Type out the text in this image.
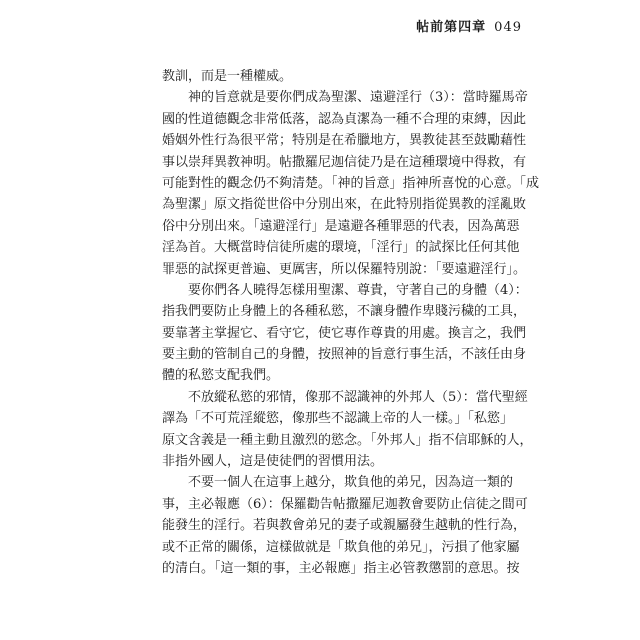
帖前第四章 049
教訓，而是一種權威。
神的旨意就是要你們成為聖潔、遠避淫行（3）：當時羅馬帝
國的性道德觀念非常低落，認為貞潔為一種不合理的束縛，因此
婚姻外性行為很平常；特別是在希臘地方，異教徒甚至鼓勵藉性
事以崇拜異教神明。帖撒羅尼迦信徒乃是在這種環境中得救，有
可能對性的觀念仍不夠清楚。「神的旨意」指神所喜悅的心意。「成
為聖潔」原文指從世俗中分別出來，在此特別指從異教的淫亂敗
俗中分別出來。「遠避淫行」是遠避各種罪惡的代表，因為萬惡
淫為首。大概當時信徒所處的環境，「淫行」的試探比任何其他
罪惡的試探更普遍、更厲害，所以保羅特別說：「要遠避淫行」。
要你們各人曉得怎樣用聖潔、尊貴，守著自己的身體（4）：
指我們要防止身體上的各種私慾，不讓身體作卑賤污穢的工具，
要靠著主掌握它、看守它，使它專作尊貴的用處。換言之，我們
要主動的管制自己的身體，按照神的旨意行事生活，不該任由身
體的私慾支配我們。
不放縱私慾的邪情，像那不認識神的外邦人（5）：當代聖經
譯為「不可荒淫縱慾，像那些不認識上帝的人一樣。」「私慾」
原文含義是一種主動且激烈的慾念。「外邦人」指不信耶穌的人，
非指外國人，這是使徒們的習慣用法。
不要一個人在這事上越分，欺負他的弟兄，因為這一類的
事，主必報應（6）：保羅勸告帖撒羅尼迦教會要防止信徒之間可
能發生的淫行。若與教會弟兄的妻子或親屬發生越軌的性行為，
或不正常的關係，這樣做就是「欺負他的弟兄」，污損了他家屬
的清白。「這一類的事，主必報應」指主必管教懲罰的意思。按
